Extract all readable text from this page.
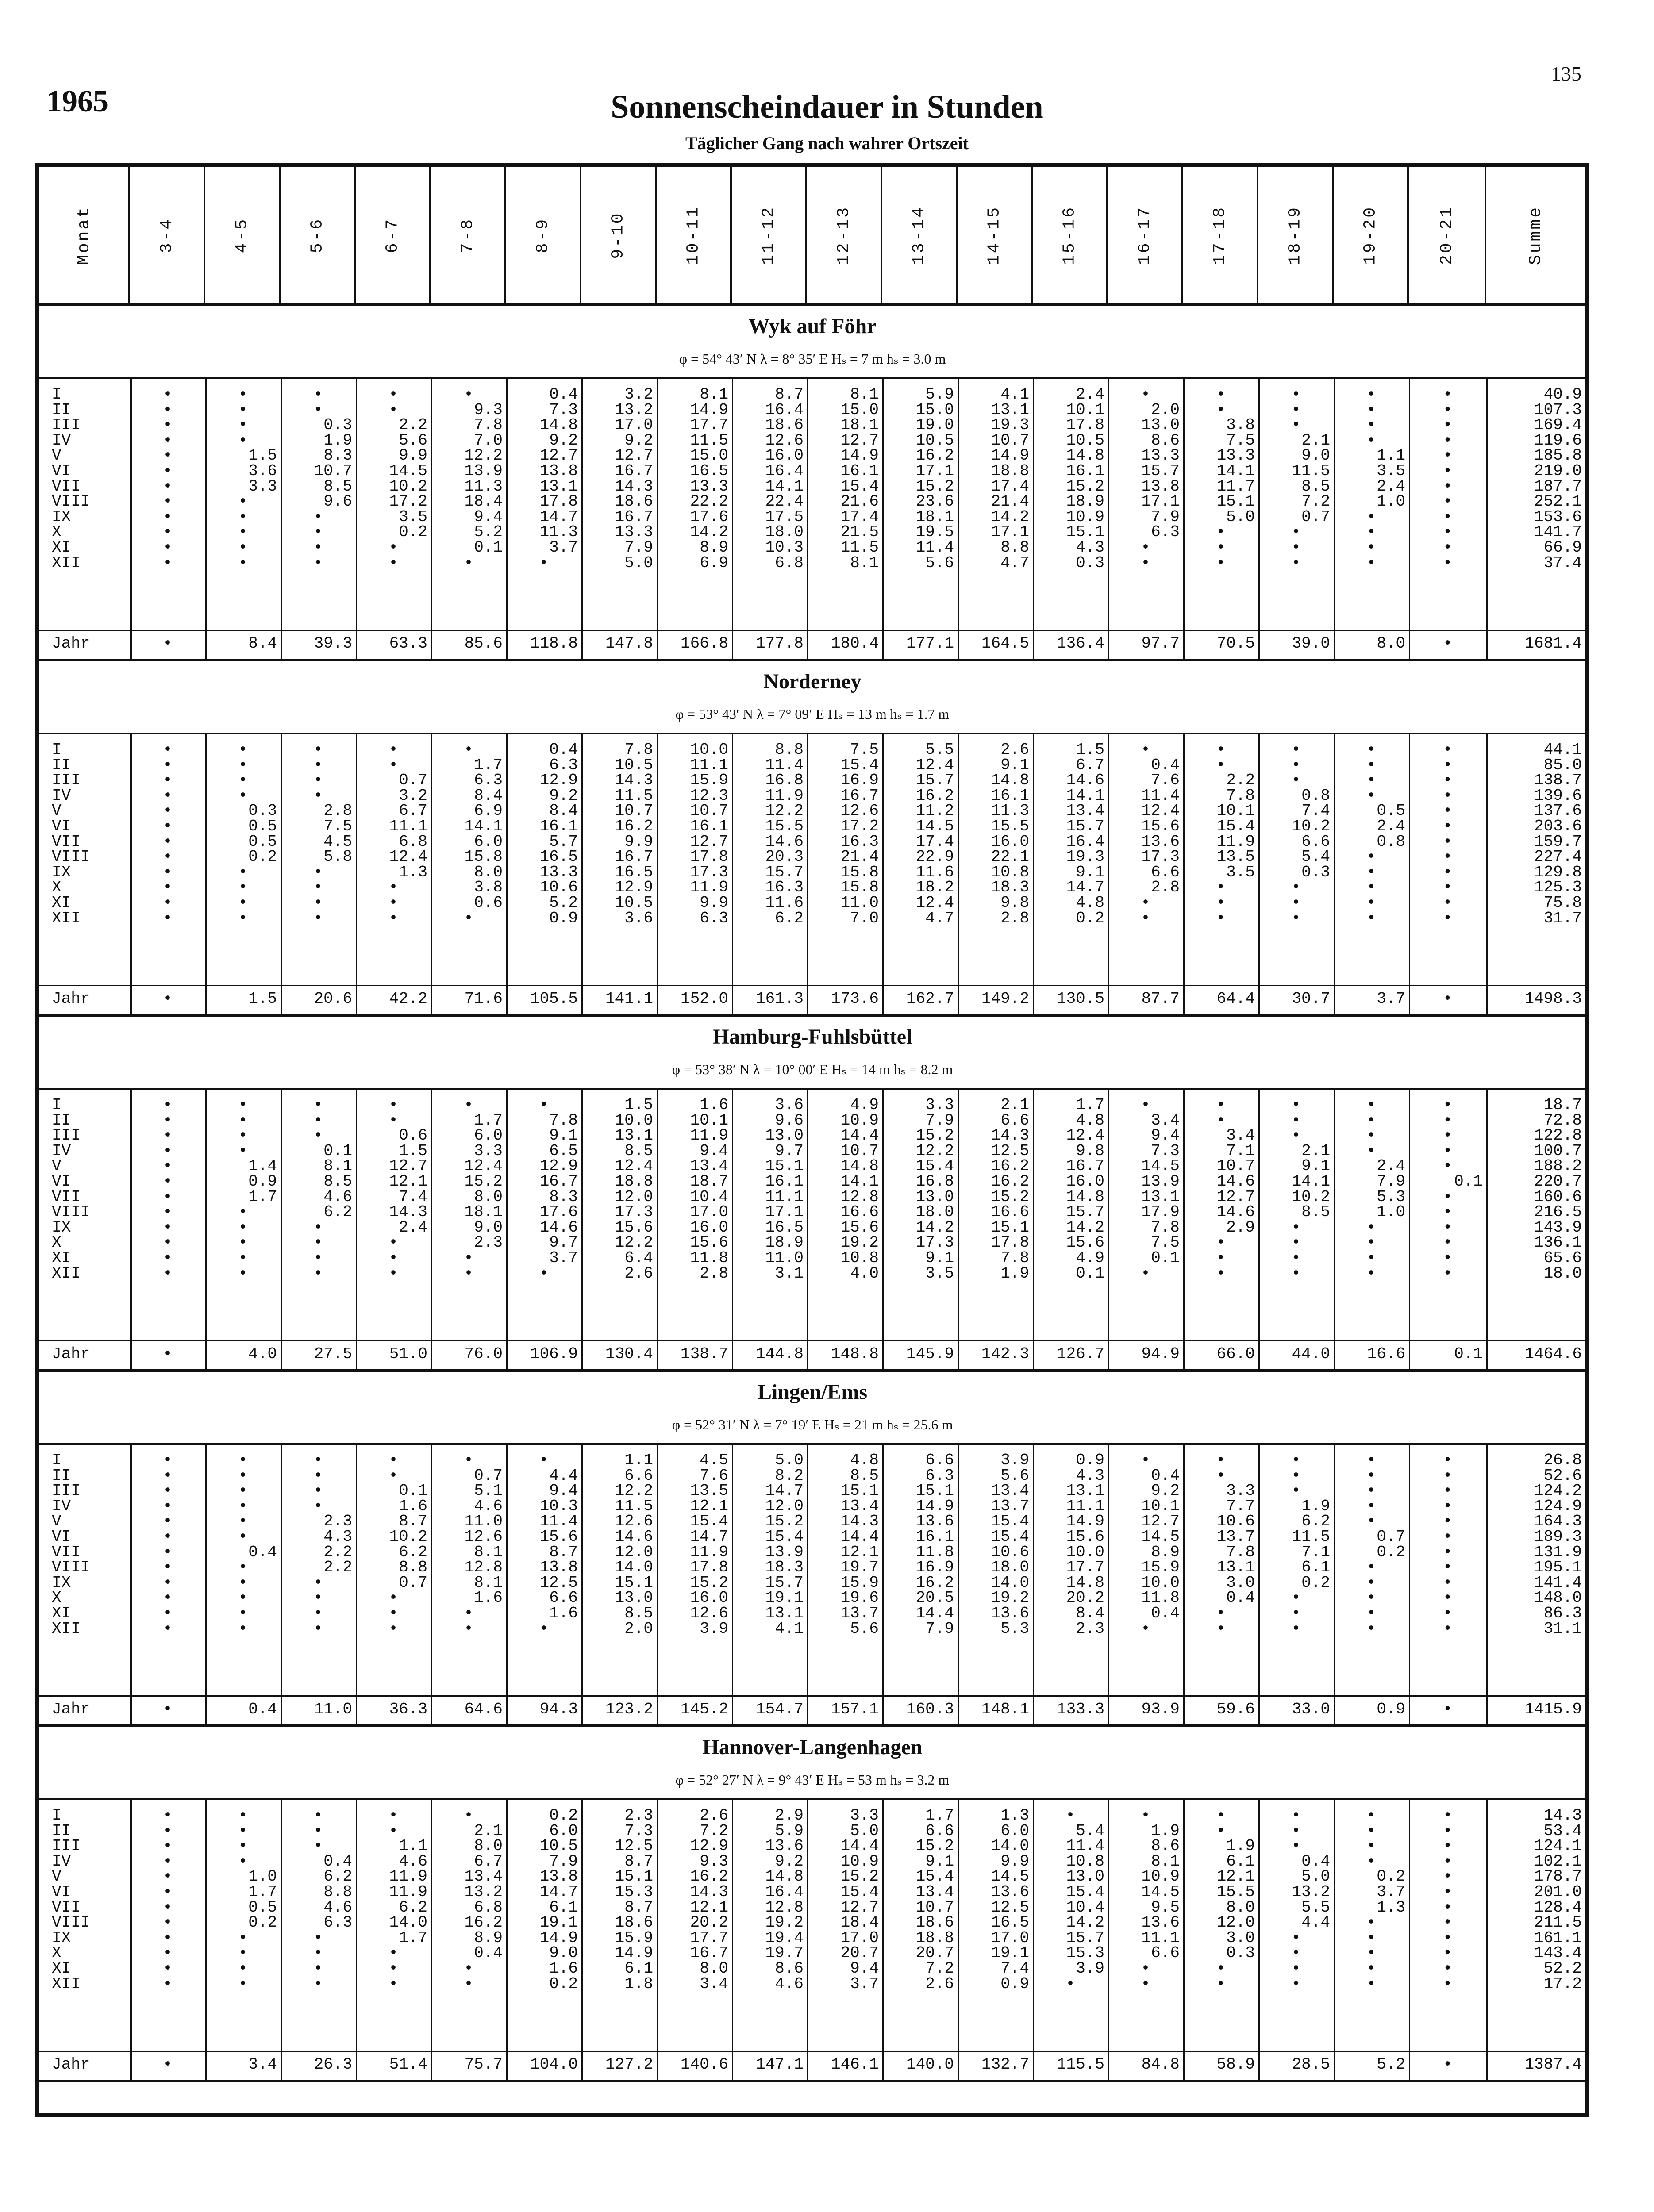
1965
135
Sonnenscheindauer in Stunden
Täglicher Gang nach wahrer Ortszeit
Monat	3-4	4-5	5-6	6-7	7-8	8-9	9-10	10-11	11-12	12-13	13-14	14-15	15-16	16-17	17-18	18-19	19-20	20-21	Summe
Wyk auf Föhr
φ = 54° 43′ N λ = 8° 35′ E Hₛ = 7 m hₛ = 3.0 m
I	•	•	•	•	•	0.4	3.2	8.1	8.7	8.1	5.9	4.1	2.4	•	•	•	•	•	40.9
II	•	•	•	•	9.3	7.3	13.2	14.9	16.4	15.0	15.0	13.1	10.1	2.0	•	•	•	•	107.3
III	•	•	0.3	2.2	7.8	14.8	17.0	17.7	18.6	18.1	19.0	19.3	17.8	13.0	3.8	•	•	•	169.4
IV	•	•	1.9	5.6	7.0	9.2	9.2	11.5	12.6	12.7	10.5	10.7	10.5	8.6	7.5	2.1	•	•	119.6
V	•	1.5	8.3	9.9	12.2	12.7	12.7	15.0	16.0	14.9	16.2	14.9	14.8	13.3	13.3	9.0	1.1	•	185.8
VI	•	3.6	10.7	14.5	13.9	13.8	16.7	16.5	16.4	16.1	17.1	18.8	16.1	15.7	14.1	11.5	3.5	•	219.0
VII	•	3.3	8.5	10.2	11.3	13.1	14.3	13.3	14.1	15.4	15.2	17.4	15.2	13.8	11.7	8.5	2.4	•	187.7
VIII	•	•	9.6	17.2	18.4	17.8	18.6	22.2	22.4	21.6	23.6	21.4	18.9	17.1	15.1	7.2	1.0	•	252.1
IX	•	•	•	3.5	9.4	14.7	16.7	17.6	17.5	17.4	18.1	14.2	10.9	7.9	5.0	0.7	•	•	153.6
X	•	•	•	0.2	5.2	11.3	13.3	14.2	18.0	21.5	19.5	17.1	15.1	6.3	•	•	•	•	141.7
XI	•	•	•	•	0.1	3.7	7.9	8.9	10.3	11.5	11.4	8.8	4.3	•	•	•	•	•	66.9
XII	•	•	•	•	•	•	5.0	6.9	6.8	8.1	5.6	4.7	0.3	•	•	•	•	•	37.4
Jahr	•	8.4	39.3	63.3	85.6	118.8	147.8	166.8	177.8	180.4	177.1	164.5	136.4	97.7	70.5	39.0	8.0	•	1681.4
Norderney
φ = 53° 43′ N λ = 7° 09′ E Hₛ = 13 m hₛ = 1.7 m
I	•	•	•	•	•	0.4	7.8	10.0	8.8	7.5	5.5	2.6	1.5	•	•	•	•	•	44.1
II	•	•	•	•	1.7	6.3	10.5	11.1	11.4	15.4	12.4	9.1	6.7	0.4	•	•	•	•	85.0
III	•	•	•	0.7	6.3	12.9	14.3	15.9	16.8	16.9	15.7	14.8	14.6	7.6	2.2	•	•	•	138.7
IV	•	•	•	3.2	8.4	9.2	11.5	12.3	11.9	16.7	16.2	16.1	14.1	11.4	7.8	0.8	•	•	139.6
V	•	0.3	2.8	6.7	6.9	8.4	10.7	10.7	12.2	12.6	11.2	11.3	13.4	12.4	10.1	7.4	0.5	•	137.6
VI	•	0.5	7.5	11.1	14.1	16.1	16.2	16.1	15.5	17.2	14.5	15.5	15.7	15.6	15.4	10.2	2.4	•	203.6
VII	•	0.5	4.5	6.8	6.0	5.7	9.9	12.7	14.6	16.3	17.4	16.0	16.4	13.6	11.9	6.6	0.8	•	159.7
VIII	•	0.2	5.8	12.4	15.8	16.5	16.7	17.8	20.3	21.4	22.9	22.1	19.3	17.3	13.5	5.4	•	•	227.4
IX	•	•	•	1.3	8.0	13.3	16.5	17.3	15.7	15.8	11.6	10.8	9.1	6.6	3.5	0.3	•	•	129.8
X	•	•	•	•	3.8	10.6	12.9	11.9	16.3	15.8	18.2	18.3	14.7	2.8	•	•	•	•	125.3
XI	•	•	•	•	0.6	5.2	10.5	9.9	11.6	11.0	12.4	9.8	4.8	•	•	•	•	•	75.8
XII	•	•	•	•	•	0.9	3.6	6.3	6.2	7.0	4.7	2.8	0.2	•	•	•	•	•	31.7
Jahr	•	1.5	20.6	42.2	71.6	105.5	141.1	152.0	161.3	173.6	162.7	149.2	130.5	87.7	64.4	30.7	3.7	•	1498.3
Hamburg-Fuhlsbüttel
φ = 53° 38′ N λ = 10° 00′ E Hₛ = 14 m hₛ = 8.2 m
I	•	•	•	•	•	•	1.5	1.6	3.6	4.9	3.3	2.1	1.7	•	•	•	•	•	18.7
II	•	•	•	•	1.7	7.8	10.0	10.1	9.6	10.9	7.9	6.6	4.8	3.4	•	•	•	•	72.8
III	•	•	•	0.6	6.0	9.1	13.1	11.9	13.0	14.4	15.2	14.3	12.4	9.4	3.4	•	•	•	122.8
IV	•	•	0.1	1.5	3.3	6.5	8.5	9.4	9.7	10.7	12.2	12.5	9.8	7.3	7.1	2.1	•	•	100.7
V	•	1.4	8.1	12.7	12.4	12.9	12.4	13.4	15.1	14.8	15.4	16.2	16.7	14.5	10.7	9.1	2.4	•	188.2
VI	•	0.9	8.5	12.1	15.2	16.7	18.8	18.7	16.1	14.1	16.8	16.2	16.0	13.9	14.6	14.1	7.9	0.1	220.7
VII	•	1.7	4.6	7.4	8.0	8.3	12.0	10.4	11.1	12.8	13.0	15.2	14.8	13.1	12.7	10.2	5.3	•	160.6
VIII	•	•	6.2	14.3	18.1	17.6	17.3	17.0	17.1	16.6	18.0	16.6	15.7	17.9	14.6	8.5	1.0	•	216.5
IX	•	•	•	2.4	9.0	14.6	15.6	16.0	16.5	15.6	14.2	15.1	14.2	7.8	2.9	•	•	•	143.9
X	•	•	•	•	2.3	9.7	12.2	15.6	18.9	19.2	17.3	17.8	15.6	7.5	•	•	•	•	136.1
XI	•	•	•	•	•	3.7	6.4	11.8	11.0	10.8	9.1	7.8	4.9	0.1	•	•	•	•	65.6
XII	•	•	•	•	•	•	2.6	2.8	3.1	4.0	3.5	1.9	0.1	•	•	•	•	•	18.0
Jahr	•	4.0	27.5	51.0	76.0	106.9	130.4	138.7	144.8	148.8	145.9	142.3	126.7	94.9	66.0	44.0	16.6	0.1	1464.6
Lingen/Ems
φ = 52° 31′ N λ = 7° 19′ E Hₛ = 21 m hₛ = 25.6 m
I	•	•	•	•	•	•	1.1	4.5	5.0	4.8	6.6	3.9	0.9	•	•	•	•	•	26.8
II	•	•	•	•	0.7	4.4	6.6	7.6	8.2	8.5	6.3	5.6	4.3	0.4	•	•	•	•	52.6
III	•	•	•	0.1	5.1	9.4	12.2	13.5	14.7	15.1	15.1	13.4	13.1	9.2	3.3	•	•	•	124.2
IV	•	•	•	1.6	4.6	10.3	11.5	12.1	12.0	13.4	14.9	13.7	11.1	10.1	7.7	1.9	•	•	124.9
V	•	•	2.3	8.7	11.0	11.4	12.6	15.4	15.2	14.3	13.6	15.4	14.9	12.7	10.6	6.2	•	•	164.3
VI	•	•	4.3	10.2	12.6	15.6	14.6	14.7	15.4	14.4	16.1	15.4	15.6	14.5	13.7	11.5	0.7	•	189.3
VII	•	0.4	2.2	6.2	8.1	8.7	12.0	11.9	13.9	12.1	11.8	10.6	10.0	8.9	7.8	7.1	0.2	•	131.9
VIII	•	•	2.2	8.8	12.8	13.8	14.0	17.8	18.3	19.7	16.9	18.0	17.7	15.9	13.1	6.1	•	•	195.1
IX	•	•	•	0.7	8.1	12.5	15.1	15.2	15.7	15.9	16.2	14.0	14.8	10.0	3.0	0.2	•	•	141.4
X	•	•	•	•	1.6	6.6	13.0	16.0	19.1	19.6	20.5	19.2	20.2	11.8	0.4	•	•	•	148.0
XI	•	•	•	•	•	1.6	8.5	12.6	13.1	13.7	14.4	13.6	8.4	0.4	•	•	•	•	86.3
XII	•	•	•	•	•	•	2.0	3.9	4.1	5.6	7.9	5.3	2.3	•	•	•	•	•	31.1
Jahr	•	0.4	11.0	36.3	64.6	94.3	123.2	145.2	154.7	157.1	160.3	148.1	133.3	93.9	59.6	33.0	0.9	•	1415.9
Hannover-Langenhagen
φ = 52° 27′ N λ = 9° 43′ E Hₛ = 53 m hₛ = 3.2 m
I	•	•	•	•	•	0.2	2.3	2.6	2.9	3.3	1.7	1.3	•	•	•	•	•	•	14.3
II	•	•	•	•	2.1	6.0	7.3	7.2	5.9	5.0	6.6	6.0	5.4	1.9	•	•	•	•	53.4
III	•	•	•	1.1	8.0	10.5	12.5	12.9	13.6	14.4	15.2	14.0	11.4	8.6	1.9	•	•	•	124.1
IV	•	•	0.4	4.6	6.7	7.9	8.7	9.3	9.2	10.9	9.1	9.9	10.8	8.1	6.1	0.4	•	•	102.1
V	•	1.0	6.2	11.9	13.4	13.8	15.1	16.2	14.8	15.2	15.4	14.5	13.0	10.9	12.1	5.0	0.2	•	178.7
VI	•	1.7	8.8	11.9	13.2	14.7	15.3	14.3	16.4	15.4	13.4	13.6	15.4	14.5	15.5	13.2	3.7	•	201.0
VII	•	0.5	4.6	6.2	6.8	6.1	8.7	12.1	12.8	12.7	10.7	12.5	10.4	9.5	8.0	5.5	1.3	•	128.4
VIII	•	0.2	6.3	14.0	16.2	19.1	18.6	20.2	19.2	18.4	18.6	16.5	14.2	13.6	12.0	4.4	•	•	211.5
IX	•	•	•	1.7	8.9	14.9	15.9	17.7	19.4	17.0	18.8	17.0	15.7	11.1	3.0	•	•	•	161.1
X	•	•	•	•	0.4	9.0	14.9	16.7	19.7	20.7	20.7	19.1	15.3	6.6	0.3	•	•	•	143.4
XI	•	•	•	•	•	1.6	6.1	8.0	8.6	9.4	7.2	7.4	3.9	•	•	•	•	•	52.2
XII	•	•	•	•	•	0.2	1.8	3.4	4.6	3.7	2.6	0.9	•	•	•	•	•	•	17.2
Jahr	•	3.4	26.3	51.4	75.7	104.0	127.2	140.6	147.1	146.1	140.0	132.7	115.5	84.8	58.9	28.5	5.2	•	1387.4
